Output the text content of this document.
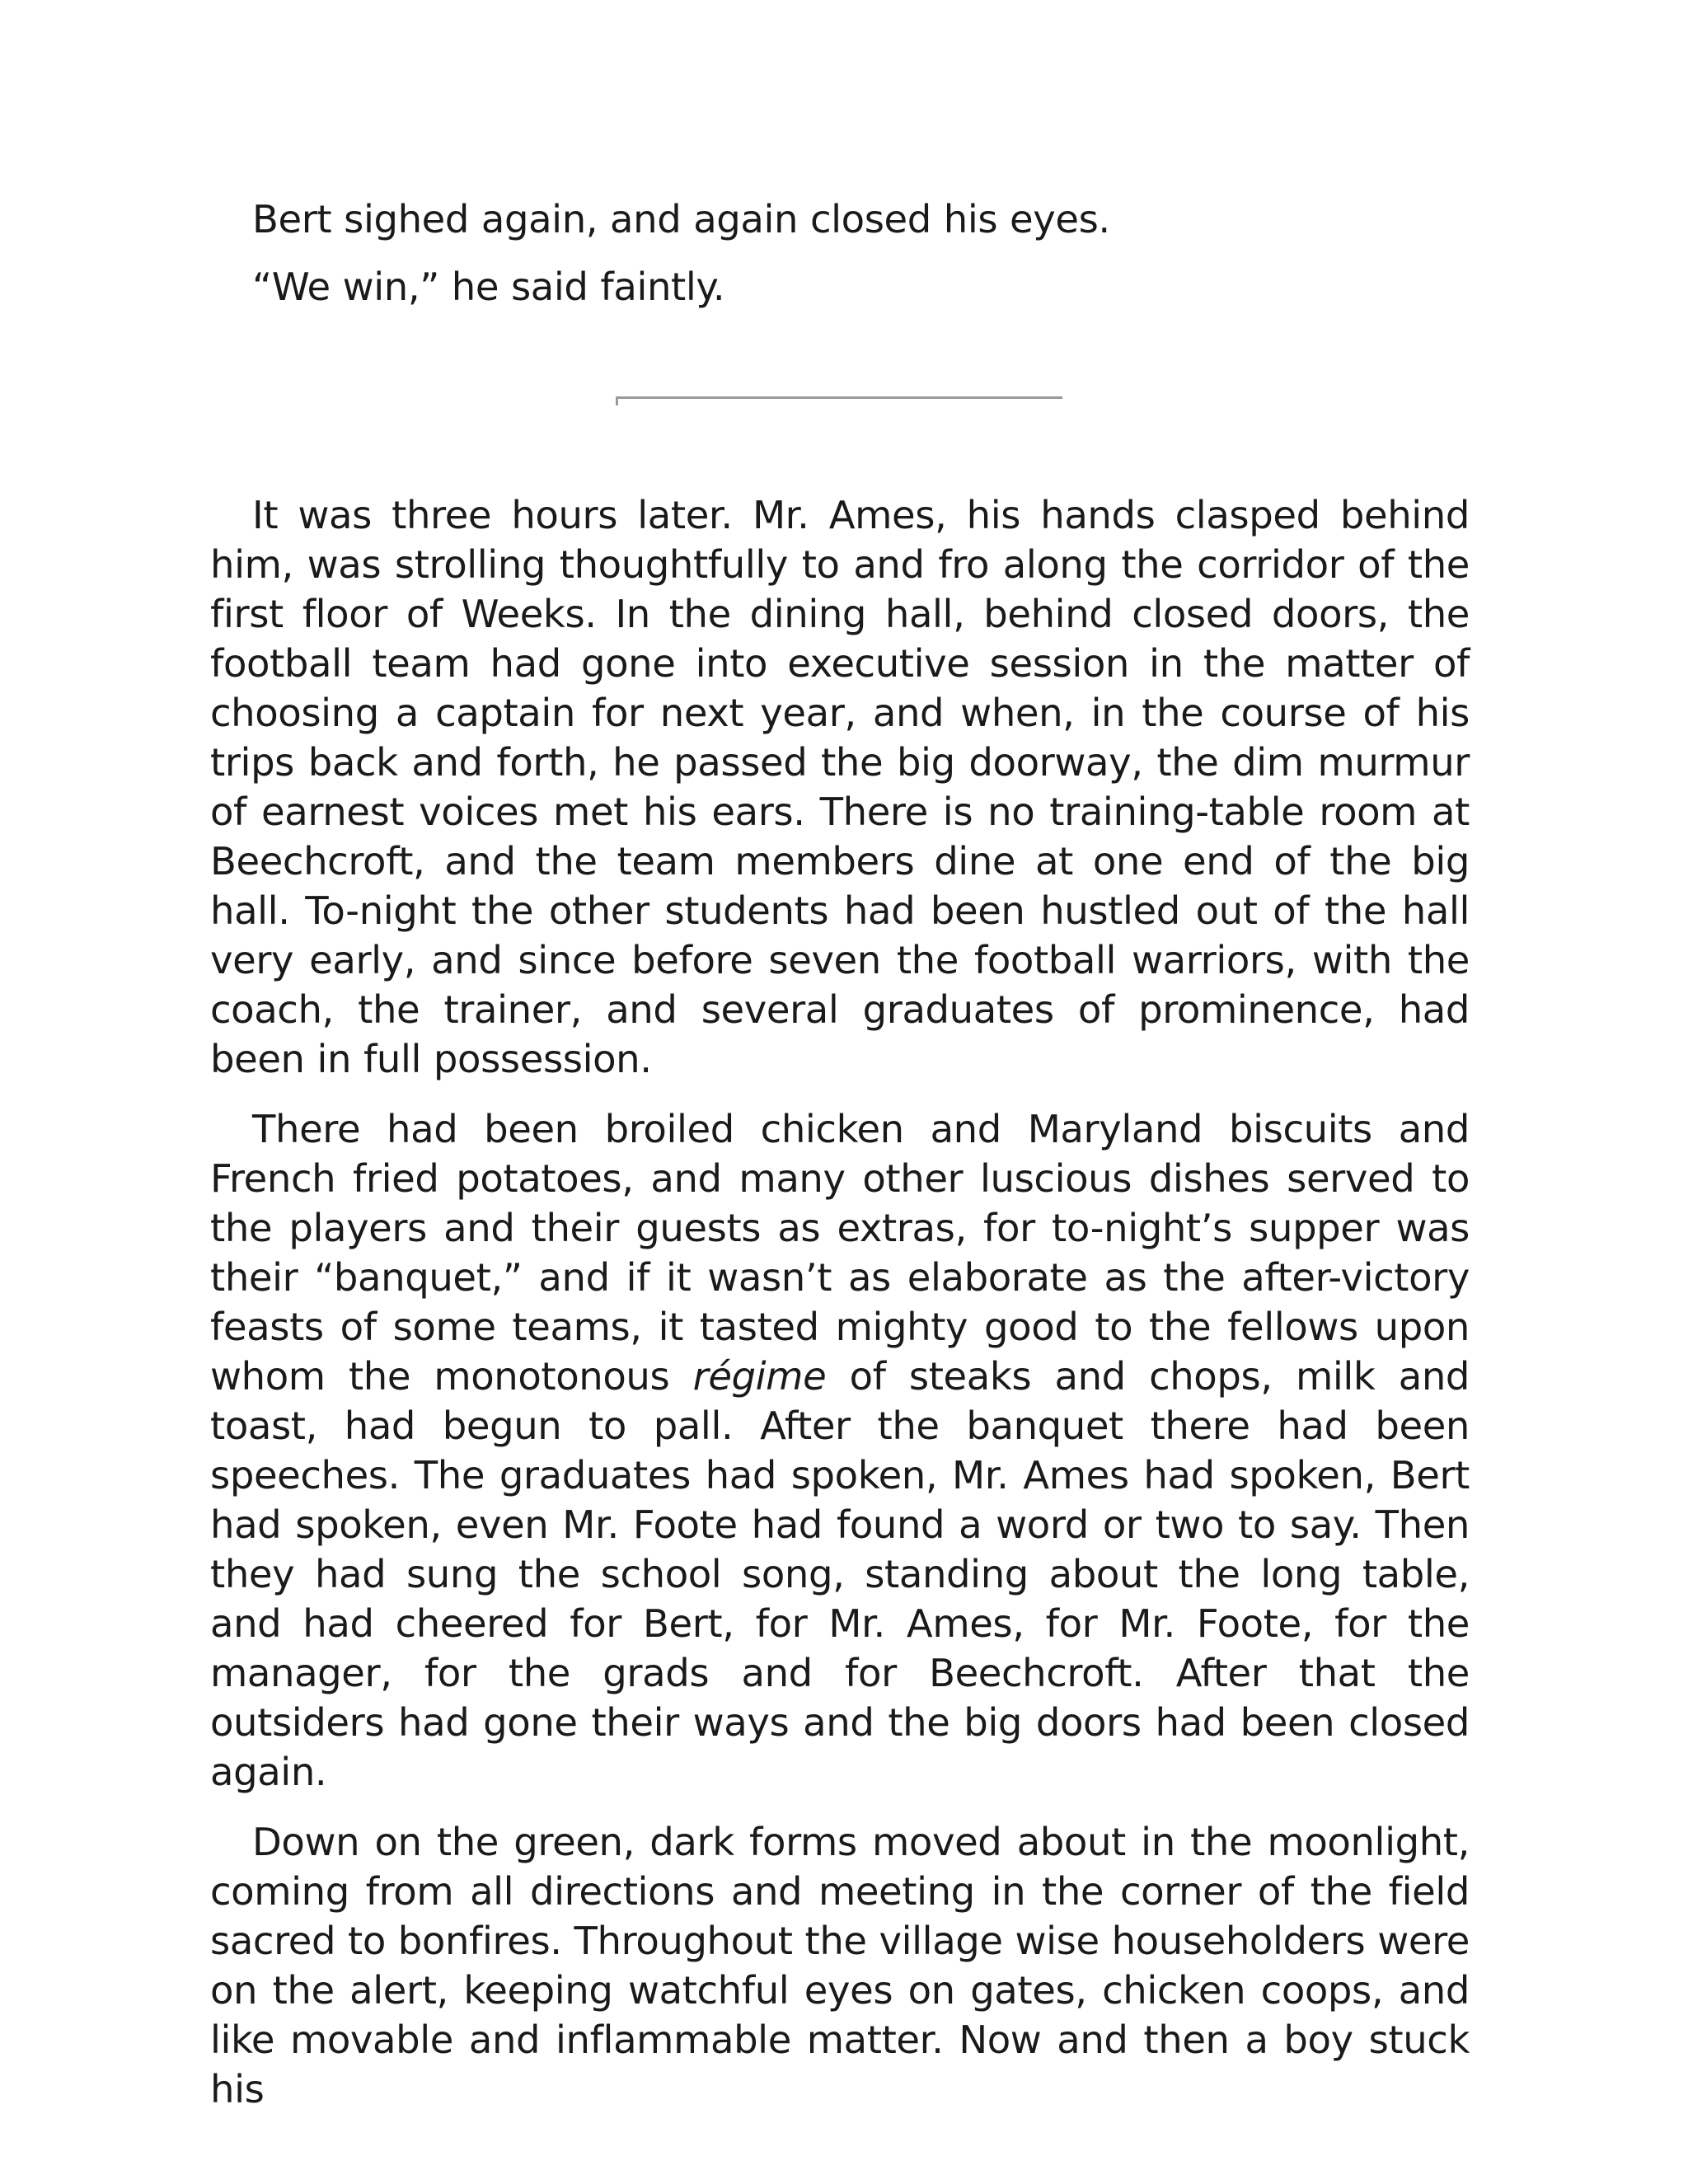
Bert sighed again, and again closed his eyes.

“We win,” he said faintly.

It was three hours later. Mr. Ames, his hands clasped behind him, was strolling thoughtfully to and fro along the corridor of the first floor of Weeks. In the dining hall, behind closed doors, the football team had gone into executive session in the matter of choosing a captain for next year, and when, in the course of his trips back and forth, he passed the big doorway, the dim murmur of earnest voices met his ears. There is no training-table room at Beechcroft, and the team members dine at one end of the big hall. To-night the other students had been hustled out of the hall very early, and since before seven the football warriors, with the coach, the trainer, and several graduates of prominence, had been in full possession.

There had been broiled chicken and Maryland biscuits and French fried potatoes, and many other luscious dishes served to the players and their guests as extras, for to-night’s supper was their “banquet,” and if it wasn’t as elaborate as the after-victory feasts of some teams, it tasted mighty good to the fellows upon whom the monotonous régime of steaks and chops, milk and toast, had begun to pall. After the banquet there had been speeches. The graduates had spoken, Mr. Ames had spoken, Bert had spoken, even Mr. Foote had found a word or two to say. Then they had sung the school song, standing about the long table, and had cheered for Bert, for Mr. Ames, for Mr. Foote, for the manager, for the grads and for Beechcroft. After that the outsiders had gone their ways and the big doors had been closed again.

Down on the green, dark forms moved about in the moonlight, coming from all directions and meeting in the corner of the field sacred to bonfires. Throughout the village wise householders were on the alert, keeping watchful eyes on gates, chicken coops, and like movable and inflammable matter. Now and then a boy stuck his
